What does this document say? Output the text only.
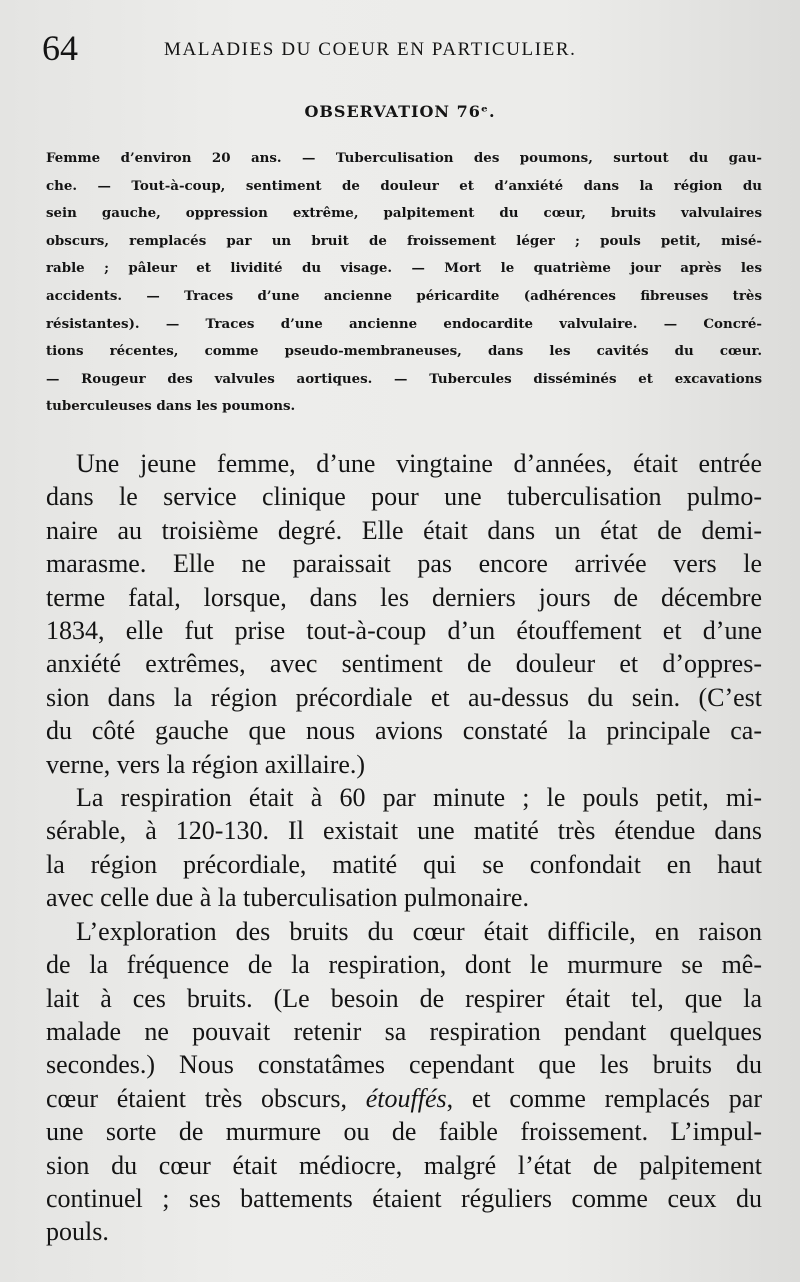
64	MALADIES DU COEUR EN PARTICULIER.
OBSERVATION 76ᵉ.
Femme d’environ 20 ans. — Tuberculisation des poumons, surtout du gau-
che. — Tout-à-coup, sentiment de douleur et d’anxiété dans la région du
sein gauche, oppression extrême, palpitement du cœur, bruits valvulaires
obscurs, remplacés par un bruit de froissement léger ; pouls petit, misé-
rable ; pâleur et lividité du visage. — Mort le quatrième jour après les
accidents. — Traces d’une ancienne péricardite (adhérences fibreuses très
résistantes). — Traces d’une ancienne endocardite valvulaire. — Concré-
tions récentes, comme pseudo-membraneuses, dans les cavités du cœur.
— Rougeur des valvules aortiques. — Tubercules disséminés et excavations
tuberculeuses dans les poumons.
Une jeune femme, d’une vingtaine d’années, était entrée
dans le service clinique pour une tuberculisation pulmo-
naire au troisième degré. Elle était dans un état de demi-
marasme. Elle ne paraissait pas encore arrivée vers le
terme fatal, lorsque, dans les derniers jours de décembre
1834, elle fut prise tout-à-coup d’un étouffement et d’une
anxiété extrêmes, avec sentiment de douleur et d’oppres-
sion dans la région précordiale et au-dessus du sein. (C’est
du côté gauche que nous avions constaté la principale ca-
verne, vers la région axillaire.)
La respiration était à 60 par minute ; le pouls petit, mi-
sérable, à 120-130. Il existait une matité très étendue dans
la région précordiale, matité qui se confondait en haut
avec celle due à la tuberculisation pulmonaire.
L’exploration des bruits du cœur était difficile, en raison
de la fréquence de la respiration, dont le murmure se mê-
lait à ces bruits. (Le besoin de respirer était tel, que la
malade ne pouvait retenir sa respiration pendant quelques
secondes.) Nous constatâmes cependant que les bruits du
cœur étaient très obscurs, étouffés, et comme remplacés par
une sorte de murmure ou de faible froissement. L’impul-
sion du cœur était médiocre, malgré l’état de palpitement
continuel ; ses battements étaient réguliers comme ceux du
pouls.
